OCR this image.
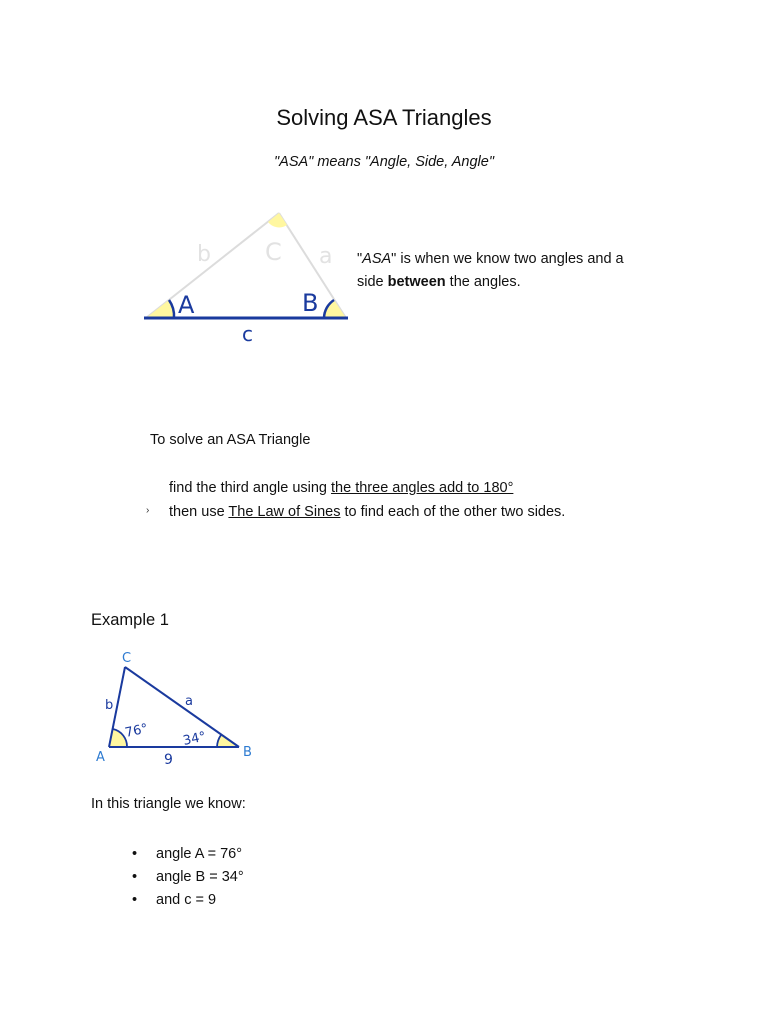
Solving ASA Triangles
"ASA" means "Angle, Side, Angle"
A	B
C a
b
c
"ASA" is when we know two angles and a side between the angles.
To solve an ASA Triangle
find the third angle using the three angles add to 180°
› then use The Law of Sines to find each of the other two sides.
Example 1
C
A	B
b	a
9
76° 34°
In this triangle we know:
• angle A = 76°
• angle B = 34°
• and c = 9
